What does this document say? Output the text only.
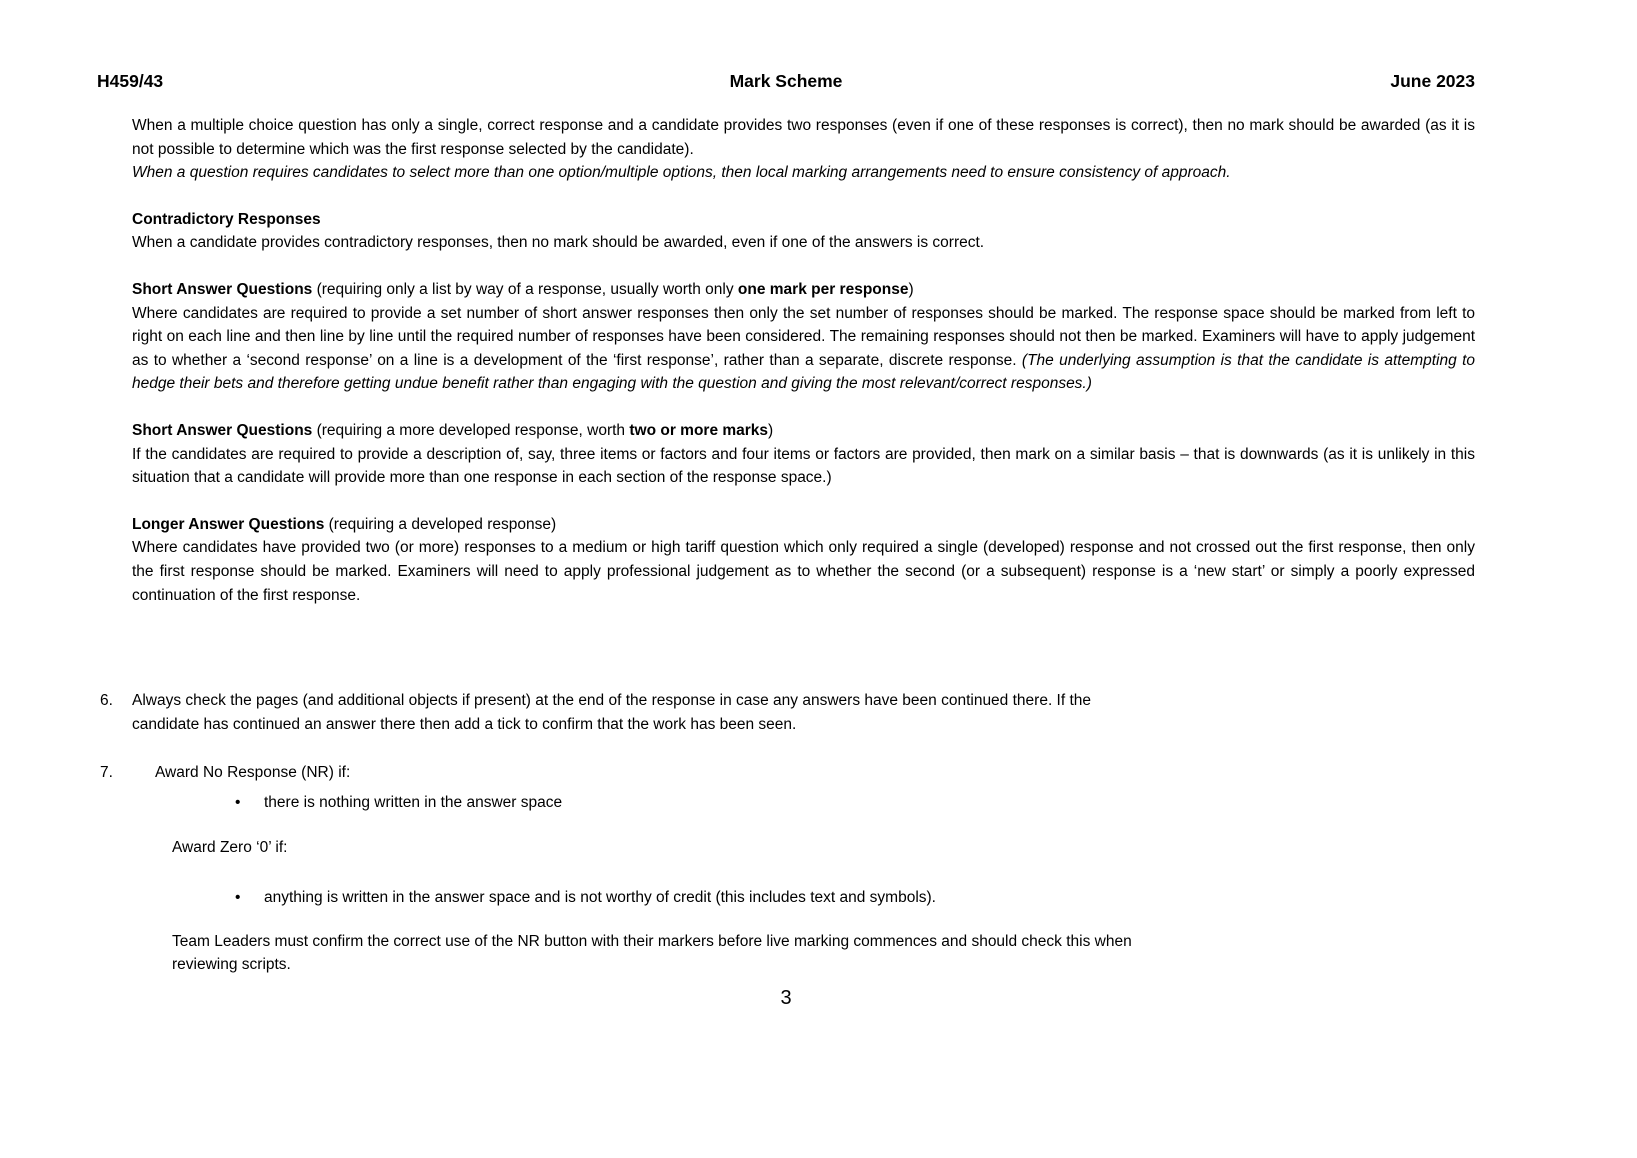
H459/43	Mark Scheme	June 2023
When a multiple choice question has only a single, correct response and a candidate provides two responses (even if one of these responses is correct), then no mark should be awarded (as it is not possible to determine which was the first response selected by the candidate).
When a question requires candidates to select more than one option/multiple options, then local marking arrangements need to ensure consistency of approach.
Contradictory Responses
When a candidate provides contradictory responses, then no mark should be awarded, even if one of the answers is correct.
Short Answer Questions (requiring only a list by way of a response, usually worth only one mark per response)
Where candidates are required to provide a set number of short answer responses then only the set number of responses should be marked. The response space should be marked from left to right on each line and then line by line until the required number of responses have been considered. The remaining responses should not then be marked. Examiners will have to apply judgement as to whether a ‘second response’ on a line is a development of the ‘first response’, rather than a separate, discrete response. (The underlying assumption is that the candidate is attempting to hedge their bets and therefore getting undue benefit rather than engaging with the question and giving the most relevant/correct responses.)
Short Answer Questions (requiring a more developed response, worth two or more marks)
If the candidates are required to provide a description of, say, three items or factors and four items or factors are provided, then mark on a similar basis – that is downwards (as it is unlikely in this situation that a candidate will provide more than one response in each section of the response space.)
Longer Answer Questions (requiring a developed response)
Where candidates have provided two (or more) responses to a medium or high tariff question which only required a single (developed) response and not crossed out the first response, then only the first response should be marked. Examiners will need to apply professional judgement as to whether the second (or a subsequent) response is a ‘new start’ or simply a poorly expressed continuation of the first response.
6.	Always check the pages (and additional objects if present) at the end of the response in case any answers have been continued there. If the
candidate has continued an answer there then add a tick to confirm that the work has been seen.
7.	Award No Response (NR) if:
•	there is nothing written in the answer space
Award Zero ‘0’ if:
•	anything is written in the answer space and is not worthy of credit (this includes text and symbols).
Team Leaders must confirm the correct use of the NR button with their markers before live marking commences and should check this when
reviewing scripts.
3
